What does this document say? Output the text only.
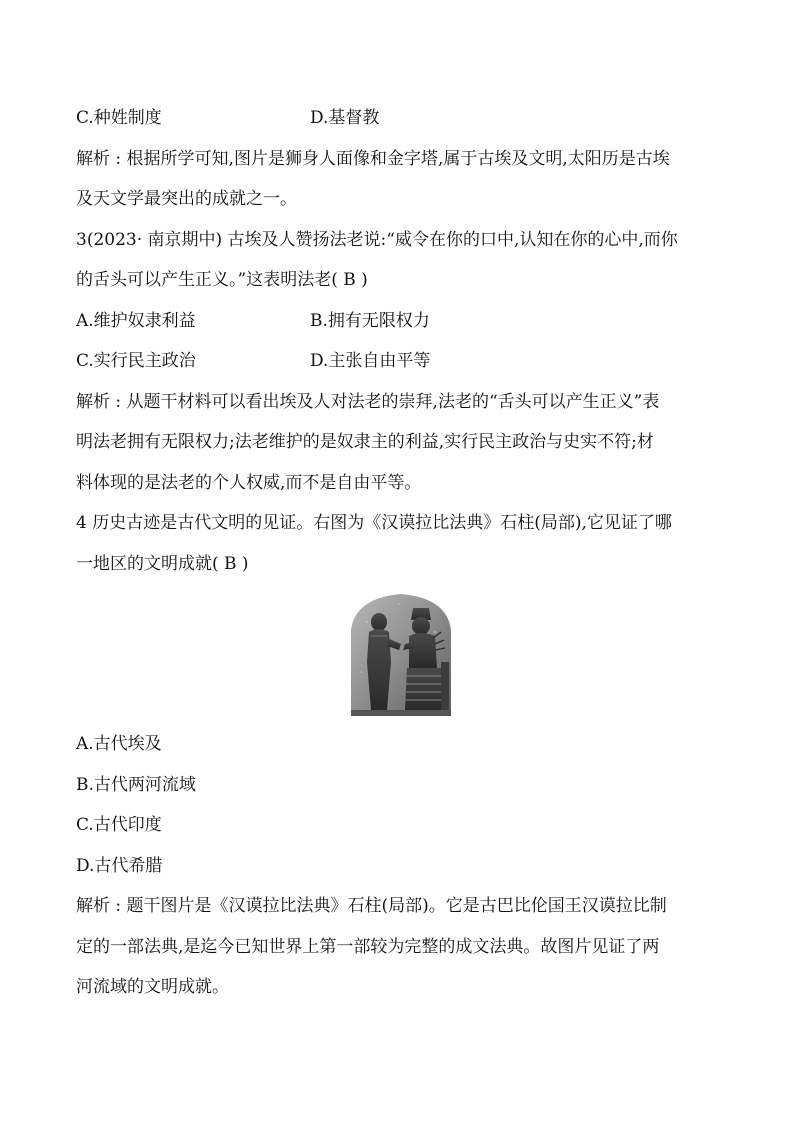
C.种姓制度	D.基督教

解析 : 根据所学可知,图片是狮身人面像和金字塔,属于古埃及文明,太阳历是古埃

及天文学最突出的成就之一。

3(2023· 南京期中) 古埃及人赞扬法老说:“威令在你的口中,认知在你的心中,而你

的舌头可以产生正义。”这表明法老( B )

A.维护奴隶利益	B.拥有无限权力
C.实行民主政治	D.主张自由平等

解析 : 从题干材料可以看出埃及人对法老的崇拜,法老的“舌头可以产生正义”表

明法老拥有无限权力;法老维护的是奴隶主的利益,实行民主政治与史实不符;材

料体现的是法老的个人权威,而不是自由平等。

4 历史古迹是古代文明的见证。右图为《汉谟拉比法典》石柱(局部),它见证了哪

一地区的文明成就( B )

A.古代埃及

B.古代两河流域

C.古代印度

D.古代希腊

解析 : 题干图片是《汉谟拉比法典》石柱(局部)。它是古巴比伦国王汉谟拉比制

定的一部法典,是迄今已知世界上第一部较为完整的成文法典。故图片见证了两

河流域的文明成就。
